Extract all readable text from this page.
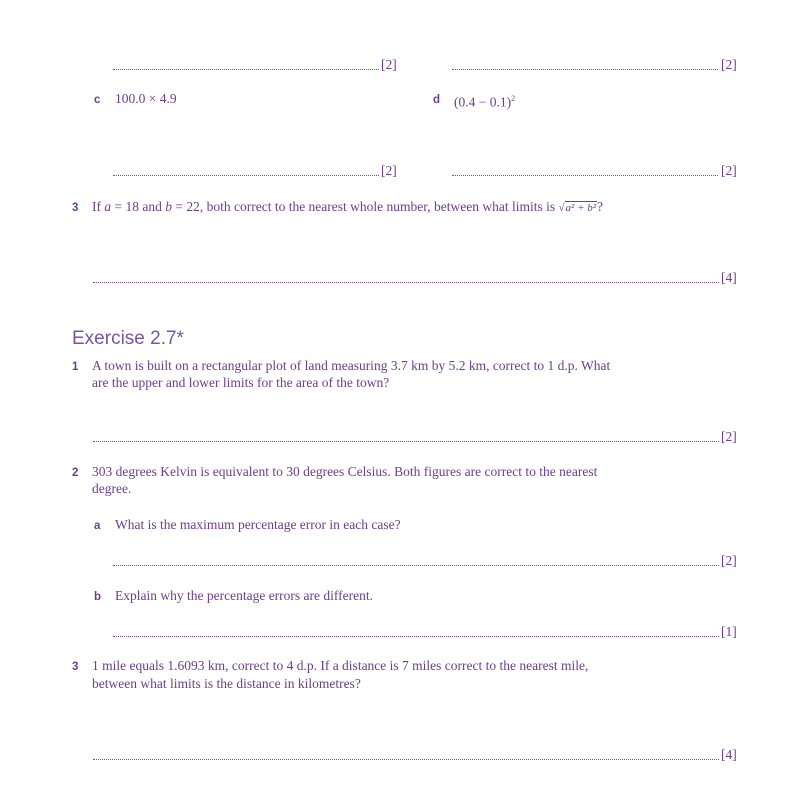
[2]	[2]
c 100.0 × 4.9	d $(0.4 - 0.1)^2$
[2]	[2]
3 If a = 18 and b = 22, both correct to the nearest whole number, between what limits is √a² + b²?
[4]
Exercise 2.7*
1 A town is built on a rectangular plot of land measuring 3.7 km by 5.2 km, correct to 1 d.p. What
are the upper and lower limits for the area of the town?
[2]
2 303 degrees Kelvin is equivalent to 30 degrees Celsius. Both figures are correct to the nearest
degree.
a What is the maximum percentage error in each case?
[2]
b Explain why the percentage errors are different.
[1]
3 1 mile equals 1.6093 km, correct to 4 d.p. If a distance is 7 miles correct to the nearest mile,
between what limits is the distance in kilometres?
[4]
